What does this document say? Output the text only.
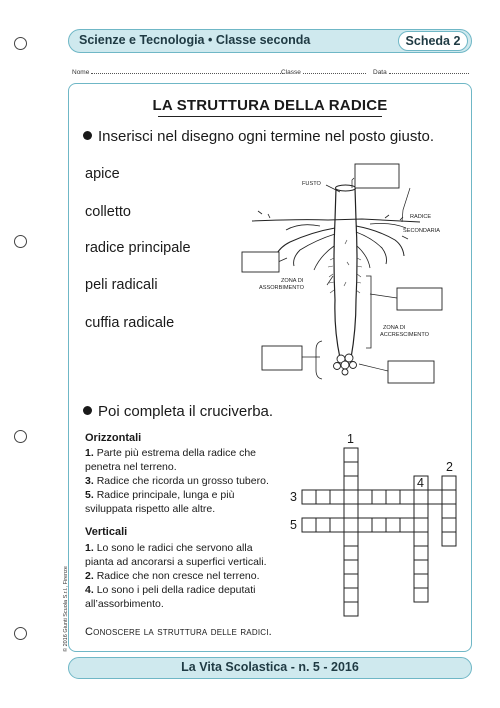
Scienze e Tecnologia • Classe seconda	Scheda 2
Nome	Classe	Data
LA STRUTTURA DELLA RADICE
Inserisci nel disegno ogni termine nel posto giusto.
apice
colletto
radice principale
peli radicali
cuffia radicale
FUSTO
RADICE
SECONDARIA
ZONA DI
ASSORBIMENTO
ZONA DI
ACCRESCIMENTO
1
2
3
4
5
Poi completa il cruciverba.
Orizzontali
1. Parte più estrema della radice che penetra nel terreno.
3. Radice che ricorda un grosso tubero.
5. Radice principale, lunga e più sviluppata rispetto alle altre.
Verticali
1. Lo sono le radici che servono alla pianta ad ancorarsi a superfici verticali.
2. Radice che non cresce nel terreno.
4. Lo sono i peli della radice deputati all’assorbimento.
Conoscere la struttura delle radici.
La Vita Scolastica - n. 5 - 2016
© 2016 Giunti Scuola S.r.l., Firenze
